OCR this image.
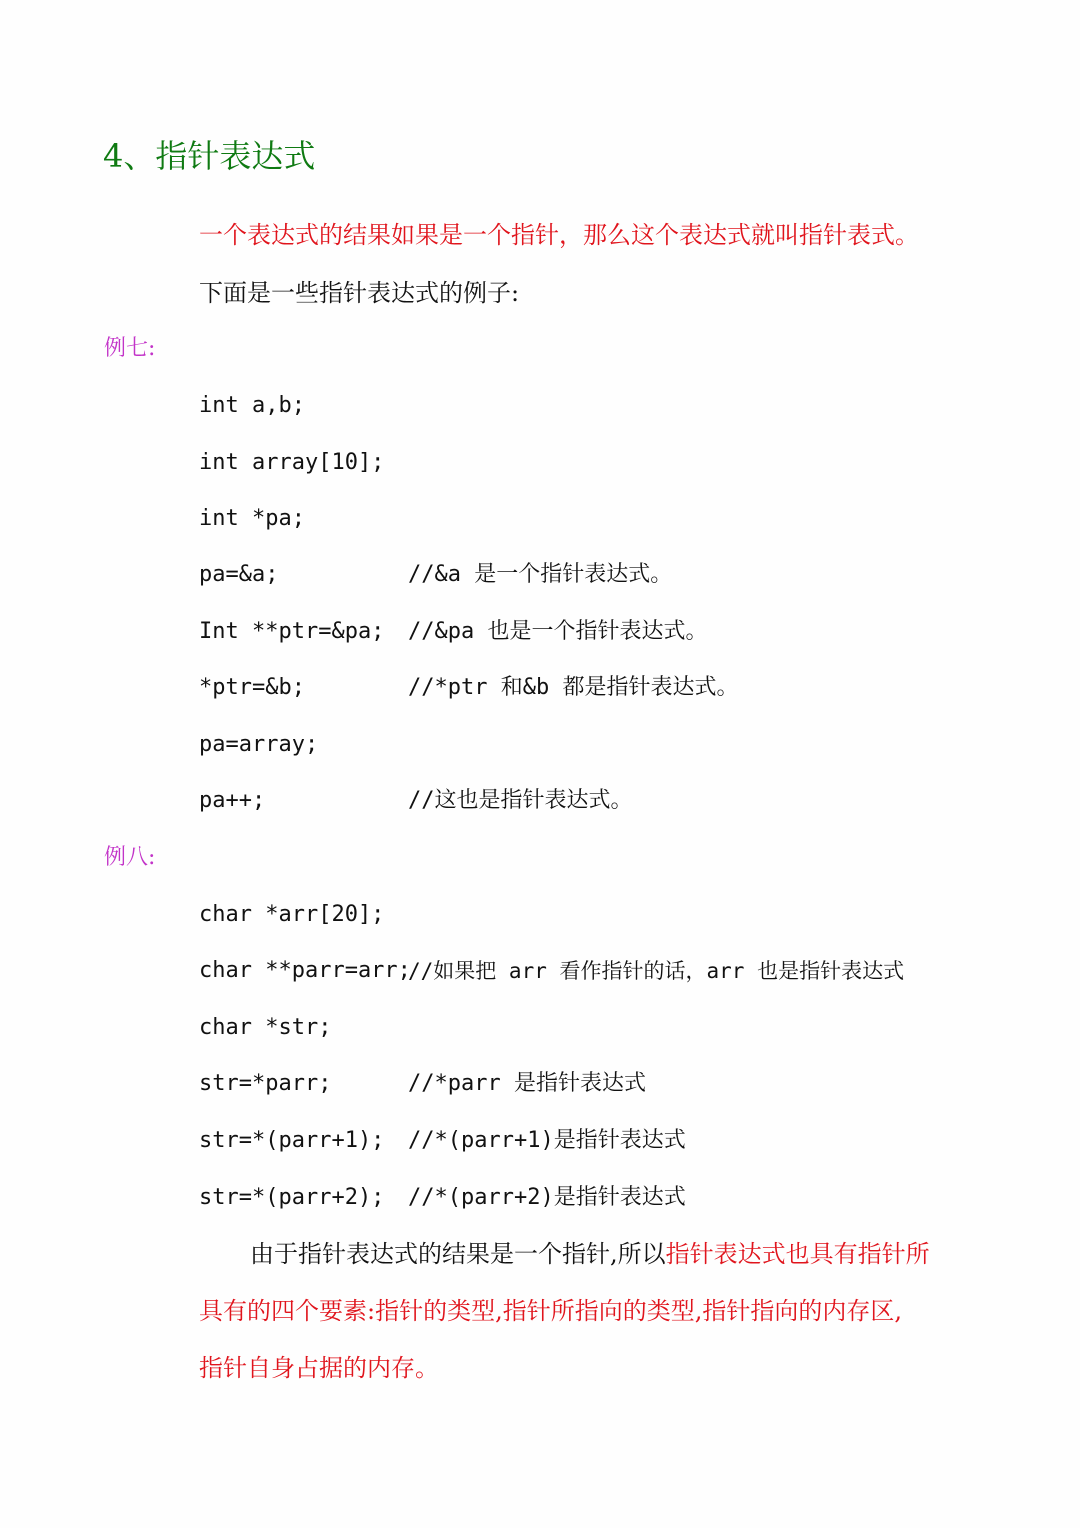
4、指针表达式
一个表达式的结果如果是一个指针，那么这个表达式就叫指针表式。
下面是一些指针表达式的例子:
例七:
int a,b;
int array[10];
int *pa;
pa=&a;	//&a 是一个指针表达式。
Int **ptr=&pa; //&pa 也是一个指针表达式。
*ptr=&b;	//*ptr 和&b 都是指针表达式。
pa=array;
pa++;	//这也是指针表达式。
例八:
char *arr[20];
char **parr=arr;
//如果把 arr 看作指针的话，arr 也是指针表达式
char *str;
str=*parr;	//*parr 是指针表达式
str=*(parr+1); //*(parr+1)是指针表达式
str=*(parr+2); //*(parr+2)是指针表达式
由于指针表达式的结果是一个指针,所以指针表达式也具有指针所
具有的四个要素:指针的类型,指针所指向的类型,指针指向的内存区,
指针自身占据的内存。
